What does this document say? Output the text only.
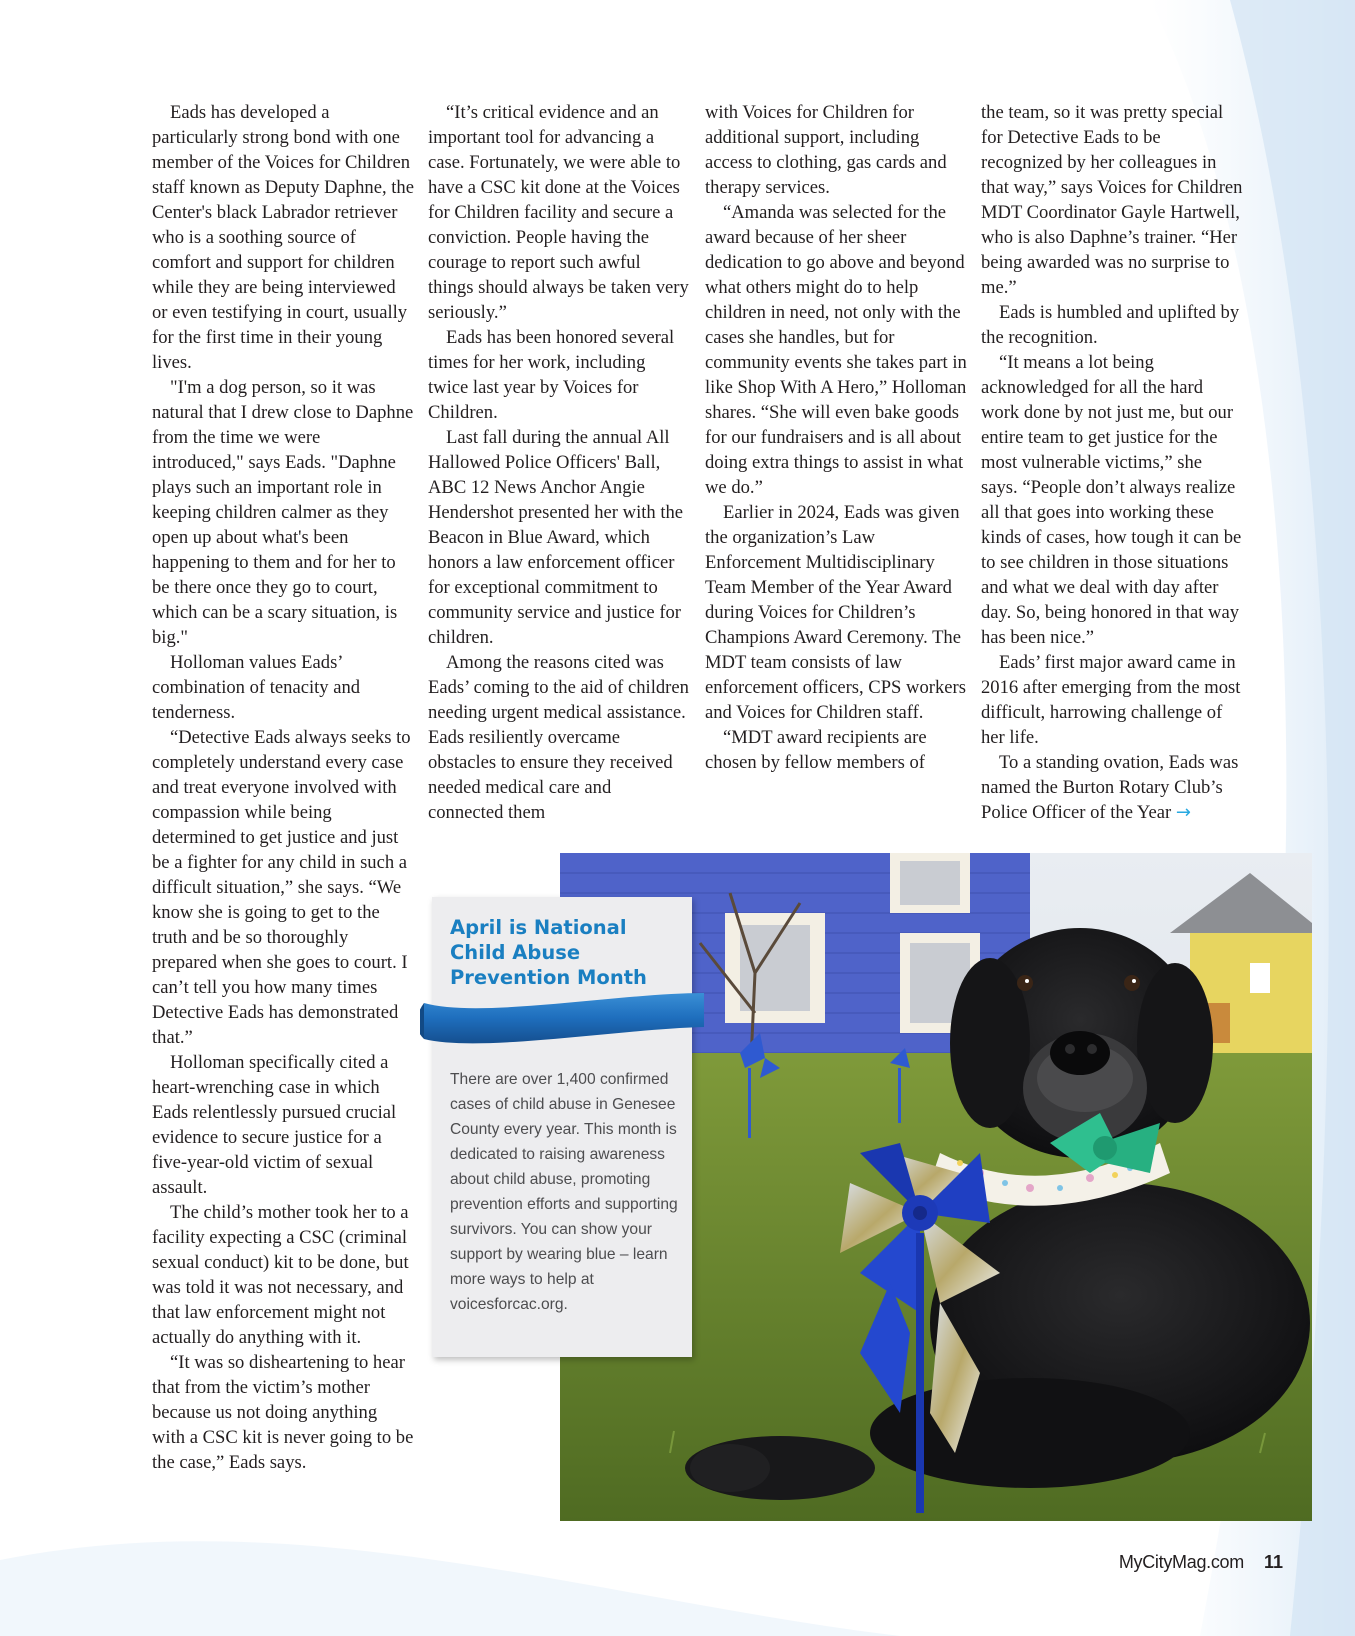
Eads has developed a particularly strong bond with one member of the Voices for Children staff known as Deputy Daphne, the Center's black Labrador retriever who is a soothing source of comfort and support for children while they are being interviewed or even testifying in court, usually for the first time in their young lives.

"I'm a dog person, so it was natural that I drew close to Daphne from the time we were introduced," says Eads. "Daphne plays such an important role in keeping children calmer as they open up about what's been happening to them and for her to be there once they go to court, which can be a scary situation, is big."

Holloman values Eads’ combination of tenacity and tenderness.

“Detective Eads always seeks to completely understand every case and treat everyone involved with compassion while being determined to get justice and just be a fighter for any child in such a difficult situation,” she says. “We know she is going to get to the truth and be so thoroughly prepared when she goes to court. I can’t tell you how many times Detective Eads has demonstrated that.”

Holloman specifically cited a heart-wrenching case in which Eads relentlessly pursued crucial evidence to secure justice for a five-year-old victim of sexual assault.

The child’s mother took her to a facility expecting a CSC (criminal sexual conduct) kit to be done, but was told it was not necessary, and that law enforcement might not actually do anything with it.

“It was so disheartening to hear that from the victim’s mother because us not doing anything with a CSC kit is never going to be the case,” Eads says.

“It’s critical evidence and an important tool for advancing a case. Fortunately, we were able to have a CSC kit done at the Voices for Children facility and secure a conviction. People having the courage to report such awful things should always be taken very seriously.”

Eads has been honored several times for her work, including twice last year by Voices for Children.

Last fall during the annual All Hallowed Police Officers' Ball, ABC 12 News Anchor Angie Hendershot presented her with the Beacon in Blue Award, which honors a law enforcement officer for exceptional commitment to community service and justice for children.

Among the reasons cited was Eads’ coming to the aid of children needing urgent medical assistance. Eads resiliently overcame obstacles to ensure they received needed medical care and connected them

with Voices for Children for additional support, including access to clothing, gas cards and therapy services.

“Amanda was selected for the award because of her sheer dedication to go above and beyond what others might do to help children in need, not only with the cases she handles, but for community events she takes part in like Shop With A Hero,” Holloman shares. “She will even bake goods for our fundraisers and is all about doing extra things to assist in what we do.”

Earlier in 2024, Eads was given the organization’s Law Enforcement Multidisciplinary Team Member of the Year Award during Voices for Children’s Champions Award Ceremony. The MDT team consists of law enforcement officers, CPS workers and Voices for Children staff.

“MDT award recipients are chosen by fellow members of

the team, so it was pretty special for Detective Eads to be recognized by her colleagues in that way,” says Voices for Children MDT Coordinator Gayle Hartwell, who is also Daphne’s trainer. “Her being awarded was no surprise to me.”

Eads is humbled and uplifted by the recognition.

“It means a lot being acknowledged for all the hard work done by not just me, but our entire team to get justice for the most vulnerable victims,” she says. “People don’t always realize all that goes into working these kinds of cases, how tough it can be to see children in those situations and what we deal with day after day. So, being honored in that way has been nice.”

Eads’ first major award came in 2016 after emerging from the most difficult, harrowing challenge of her life.

To a standing ovation, Eads was named the Burton Rotary Club’s Police Officer of the Year →

April is National Child Abuse Prevention Month
There are over 1,400 confirmed cases of child abuse in Genesee County every year. This month is dedicated to raising awareness about child abuse, promoting prevention efforts and supporting survivors. You can show your support by wearing blue – learn more ways to help at voicesforcac.org.
MyCityMag.com 11
